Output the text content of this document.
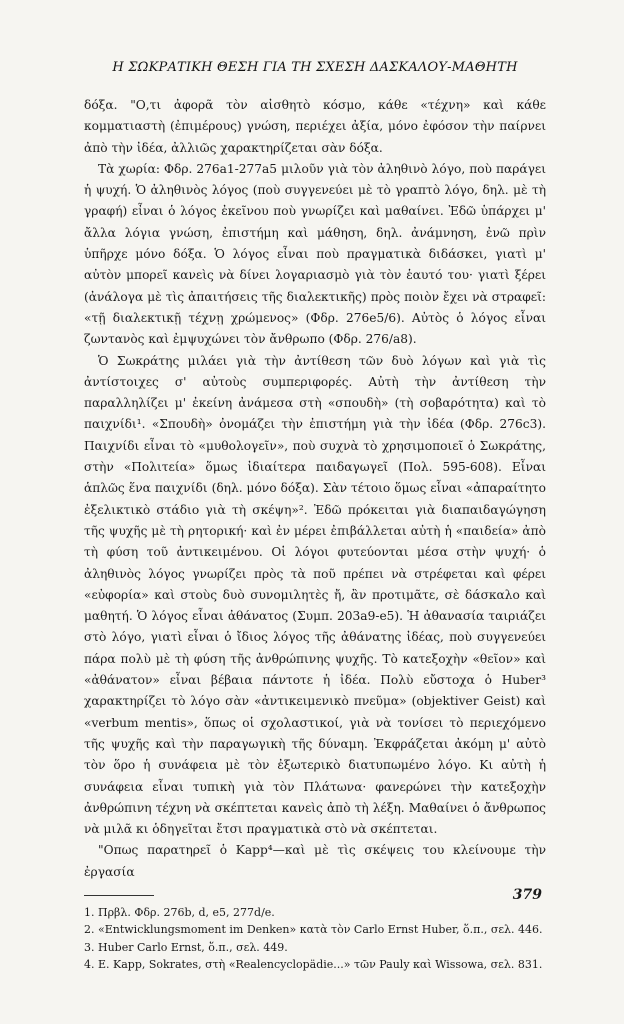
Η ΣΩΚΡΑΤΙΚΗ ΘΕΣΗ ΓΙΑ ΤΗ ΣΧΕΣΗ ΔΑΣΚΑΛΟΥ-ΜΑΘΗΤΗ

δόξα. "Ο,τι ἀφορᾶ τὸν αἰσθητὸ κόσμο, κάθε «τέχνη» καὶ κάθε κομματιαστὴ (ἐπιμέρους) γνώση, περιέχει ἀξία, μόνο ἐφόσον τὴν παίρνει ἀπὸ τὴν ἰδέα, ἀλλιῶς χαρακτηρίζεται σὰν δόξα.

Τὰ χωρία: Φδρ. 276a1-277a5 μιλοῦν γιὰ τὸν ἀληθινὸ λόγο, ποὺ παράγει ἡ ψυχή. Ὁ ἀληθινὸς λόγος (ποὺ συγγενεύει μὲ τὸ γραπτὸ λόγο, δηλ. μὲ τὴ γραφή) εἶναι ὁ λόγος ἐκεῖνου ποὺ γνωρίζει καὶ μαθαίνει. Ἐδῶ ὑπάρχει μ' ἄλλα λόγια γνώση, ἐπιστήμη καὶ μάθηση, δηλ. ἀνάμνηση, ἐνῶ πρὶν ὑπῆρχε μόνο δόξα. Ὁ λόγος εἶναι ποὺ πραγματικὰ διδάσκει, γιατὶ μ' αὐτὸν μπορεῖ κανεὶς νὰ δίνει λογαριασμὸ γιὰ τὸν ἑαυτό του· γιατὶ ξέρει (ἀνάλογα μὲ τὶς ἀπαιτήσεις τῆς διαλεκτικῆς) πρὸς ποιὸν ἔχει νὰ στραφεῖ: «τῇ διαλεκτικῇ τέχνῃ χρώμενος» (Φδρ. 276e5/6). Αὐτὸς ὁ λόγος εἶναι ζωντανὸς καὶ ἐμψυχώνει τὸν ἄνθρωπο (Φδρ. 276/a8).

Ὁ Σωκράτης μιλάει γιὰ τὴν ἀντίθεση τῶν δυὸ λόγων καὶ γιὰ τὶς ἀντίστοιχες σ' αὐτοὺς συμπεριφορές. Αὐτὴ τὴν ἀντίθεση τὴν παραλληλίζει μ' ἐκείνη ἀνάμεσα στὴ «σπουδὴ» (τὴ σοβαρότητα) καὶ τὸ παιχνίδι¹. «Σπουδὴ» ὀνομάζει τὴν ἐπιστήμη γιὰ τὴν ἰδέα (Φδρ. 276c3). Παιχνίδι εἶναι τὸ «μυθολογεῖν», ποὺ συχνὰ τὸ χρησιμοποιεῖ ὁ Σωκράτης, στὴν «Πολιτεία» ὅμως ἰδιαίτερα παιδαγωγεῖ (Πολ. 595-608). Εἶναι ἁπλῶς ἕνα παιχνίδι (δηλ. μόνο δόξα). Σὰν τέτοιο ὅμως εἶναι «ἀπαραίτητο ἐξελικτικὸ στάδιο γιὰ τὴ σκέψη»². Ἐδῶ πρόκειται γιὰ διαπαιδαγώγηση τῆς ψυχῆς μὲ τὴ ρητορική· καὶ ἐν μέρει ἐπιβάλλεται αὐτὴ ἡ «παιδεία» ἀπὸ τὴ φύση τοῦ ἀντικειμένου. Οἱ λόγοι φυτεύονται μέσα στὴν ψυχή· ὁ ἀληθινὸς λόγος γνωρίζει πρὸς τὰ ποῦ πρέπει νὰ στρέφεται καὶ φέρει «εὐφορία» καὶ στοὺς δυὸ συνομιλητὲς ἤ, ἂν προτιμᾶτε, σὲ δάσκαλο καὶ μαθητή. Ὁ λόγος εἶναι ἀθάνατος (Συμπ. 203a9-e5). Ἡ ἀθανασία ταιριάζει στὸ λόγο, γιατὶ εἶναι ὁ ἴδιος λόγος τῆς ἀθάνατης ἰδέας, ποὺ συγγενεύει πάρα πολὺ μὲ τὴ φύση τῆς ἀνθρώπινης ψυχῆς. Τὸ κατεξοχὴν «θεῖον» καὶ «ἀθάνατον» εἶναι βέβαια πάντοτε ἡ ἰδέα. Πολὺ εὔστοχα ὁ Huber³ χαρακτηρίζει τὸ λόγο σὰν «ἀντικειμενικὸ πνεῦμα» (objektiver Geist) καὶ «verbum mentis», ὅπως οἱ σχολαστικοί, γιὰ νὰ τονίσει τὸ περιεχόμενο τῆς ψυχῆς καὶ τὴν παραγωγικὴ τῆς δύναμη. Ἐκφράζεται ἀκόμη μ' αὐτὸ τὸν ὅρο ἡ συνάφεια μὲ τὸν ἐξωτερικὸ διατυπωμένο λόγο. Κι αὐτὴ ἡ συνάφεια εἶναι τυπικὴ γιὰ τὸν Πλάτωνα· φανερώνει τὴν κατεξοχὴν ἀνθρώπινη τέχνη νὰ σκέπτεται κανεὶς ἀπὸ τὴ λέξη. Μαθαίνει ὁ ἄνθρωπος νὰ μιλᾶ κι ὁδηγεῖται ἔτσι πραγματικὰ στὸ νὰ σκέπτεται.

"Οπως παρατηρεῖ ὁ Kapp⁴—καὶ μὲ τὶς σκέψεις του κλείνουμε τὴν ἐργασία

1. Πρβλ. Φδρ. 276b, d, e5, 277d/e.

2. «Entwicklungsmoment im Denken» κατὰ τὸν Carlo Ernst Huber, ὅ.π., σελ. 446.

3. Huber Carlo Ernst, ὅ.π., σελ. 449.

4. E. Kapp, Sokrates, στὴ «Realencyclopädie...» τῶν Pauly καὶ Wissowa, σελ. 831.

379
